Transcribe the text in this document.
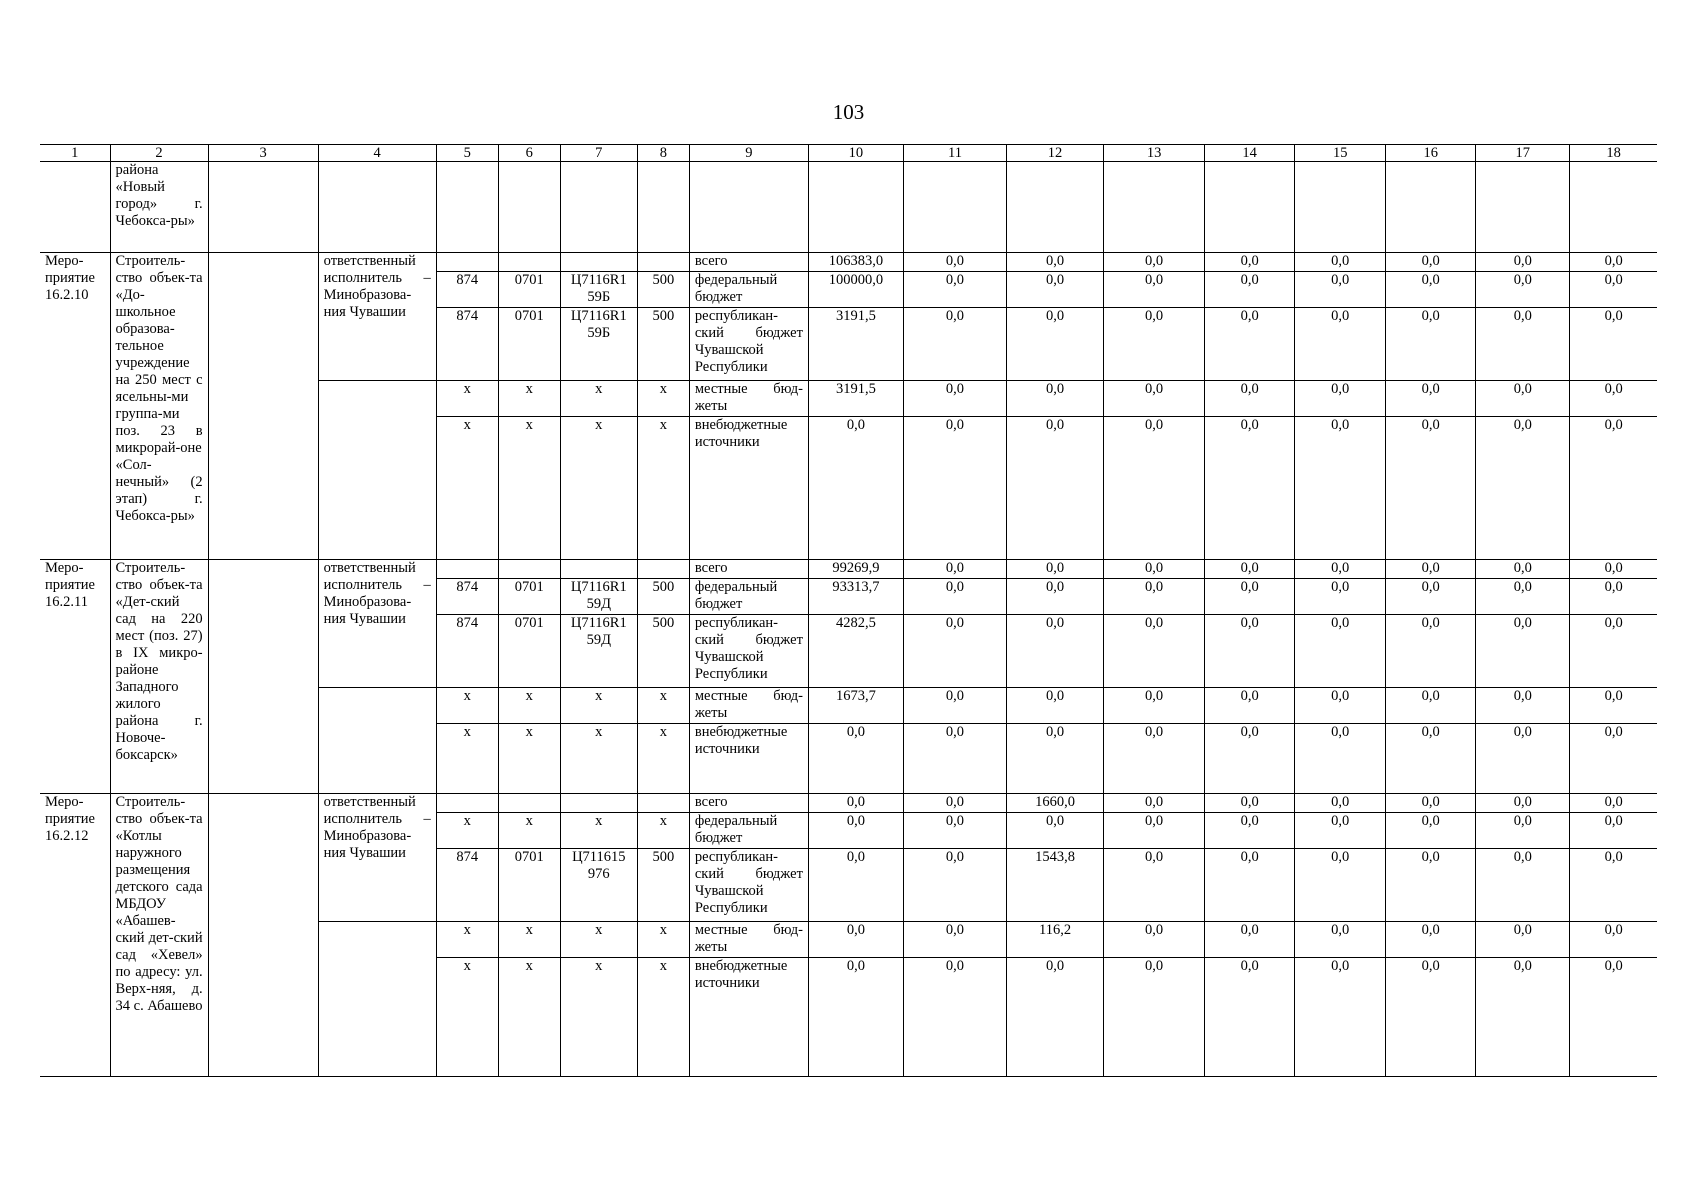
103
1	2	3	4	5	6	7	8	9	10	11	12	13	14	15	16	17	18
	района «Новый город» г. Чебокса-ры»																
Меро-приятие 16.2.10	Строитель-ство объек-та «До-школьное образова-тельное учреждение на 250 мест с ясельны-ми группа-ми поз. 23 в микрорай-оне «Сол-нечный» (2 этап) г. Чебокса-ры»		ответственный исполнитель – Минобразова-ния Чувашии					всего	106383,0	0,0	0,0	0,0	0,0	0,0	0,0	0,0	0,0
				874	0701	Ц7116R1 59Б	500	федеральный бюджет	100000,0	0,0	0,0	0,0	0,0	0,0	0,0	0,0	0,0
				874	0701	Ц7116R1 59Б	500	республикан-ский бюджет Чувашской Республики	3191,5	0,0	0,0	0,0	0,0	0,0	0,0	0,0	0,0
				x	x	x	x	местные бюд-жеты	3191,5	0,0	0,0	0,0	0,0	0,0	0,0	0,0	0,0
				x	x	x	x	внебюджетные источники	0,0	0,0	0,0	0,0	0,0	0,0	0,0	0,0	0,0
Меро-приятие 16.2.11	Строитель-ство объек-та «Дет-ский сад на 220 мест (поз. 27) в IX микро-районе Западного жилого района г. Новоче-боксарск»		ответственный исполнитель – Минобразова-ния Чувашии					всего	99269,9	0,0	0,0	0,0	0,0	0,0	0,0	0,0	0,0
				874	0701	Ц7116R1 59Д	500	федеральный бюджет	93313,7	0,0	0,0	0,0	0,0	0,0	0,0	0,0	0,0
				874	0701	Ц7116R1 59Д	500	республикан-ский бюджет Чувашской Республики	4282,5	0,0	0,0	0,0	0,0	0,0	0,0	0,0	0,0
				x	x	x	x	местные бюд-жеты	1673,7	0,0	0,0	0,0	0,0	0,0	0,0	0,0	0,0
				x	x	x	x	внебюджетные источники	0,0	0,0	0,0	0,0	0,0	0,0	0,0	0,0	0,0
Меро-приятие 16.2.12	Строитель-ство объек-та «Котлы наружного размещения детского сада МБДОУ «Абашев-ский дет-ский сад «Хевел» по адресу: ул. Верх-няя, д. 34 с. Абашево		ответственный исполнитель – Минобразова-ния Чувашии					всего	0,0	0,0	1660,0	0,0	0,0	0,0	0,0	0,0	0,0
				x	x	x	x	федеральный бюджет	0,0	0,0	0,0	0,0	0,0	0,0	0,0	0,0	0,0
				874	0701	Ц711615 976	500	республикан-ский бюджет Чувашской Республики	0,0	0,0	1543,8	0,0	0,0	0,0	0,0	0,0	0,0
				x	x	x	x	местные бюд-жеты	0,0	0,0	116,2	0,0	0,0	0,0	0,0	0,0	0,0
				x	x	x	x	внебюджетные источники	0,0	0,0	0,0	0,0	0,0	0,0	0,0	0,0	0,0
